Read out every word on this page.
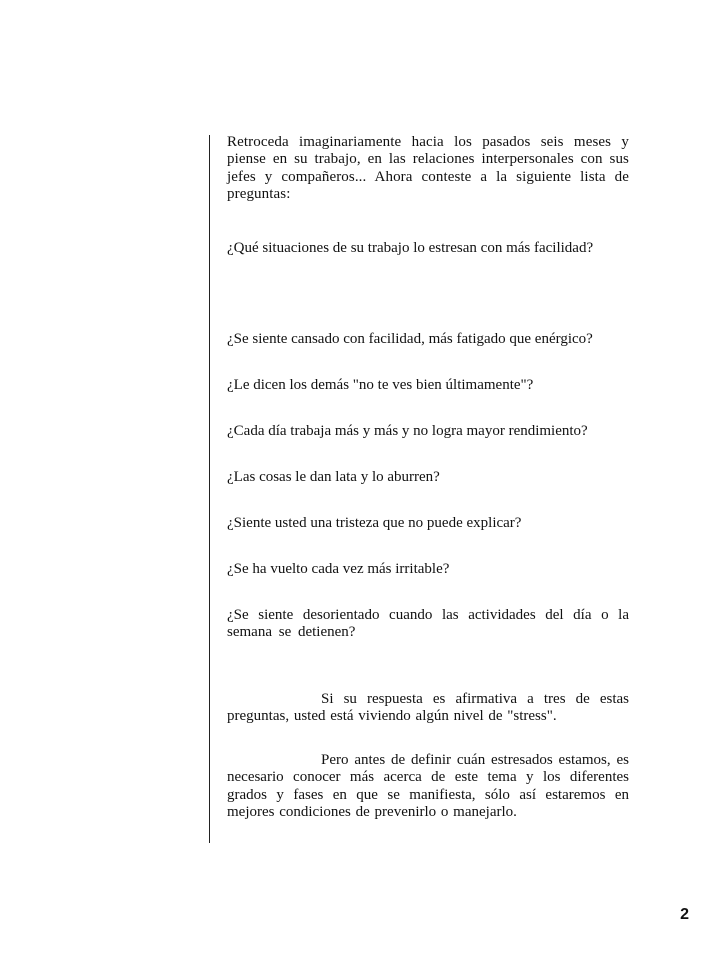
Retroceda imaginariamente hacia los pasados seis meses y piense en su trabajo, en las relaciones interpersonales con sus jefes y compañeros... Ahora conteste a la siguiente lista de preguntas:

¿Qué situaciones de su trabajo lo estresan con más facilidad?

¿Se siente cansado con facilidad, más fatigado que enérgico?

¿Le dicen los demás "no te ves bien últimamente"?

¿Cada día trabaja más y más y no logra mayor rendimiento?

¿Las cosas le dan lata y lo aburren?

¿Siente usted una tristeza que no puede explicar?

¿Se ha vuelto cada vez más irritable?

¿Se siente desorientado cuando las actividades del día o la semana se detienen?

Si su respuesta es afirmativa a tres de estas preguntas, usted está viviendo algún nivel de "stress".

Pero antes de definir cuán estresados estamos, es necesario conocer más acerca de este tema y los diferentes grados y fases en que se manifiesta, sólo así estaremos en mejores condiciones de prevenirlo o manejarlo.

2
